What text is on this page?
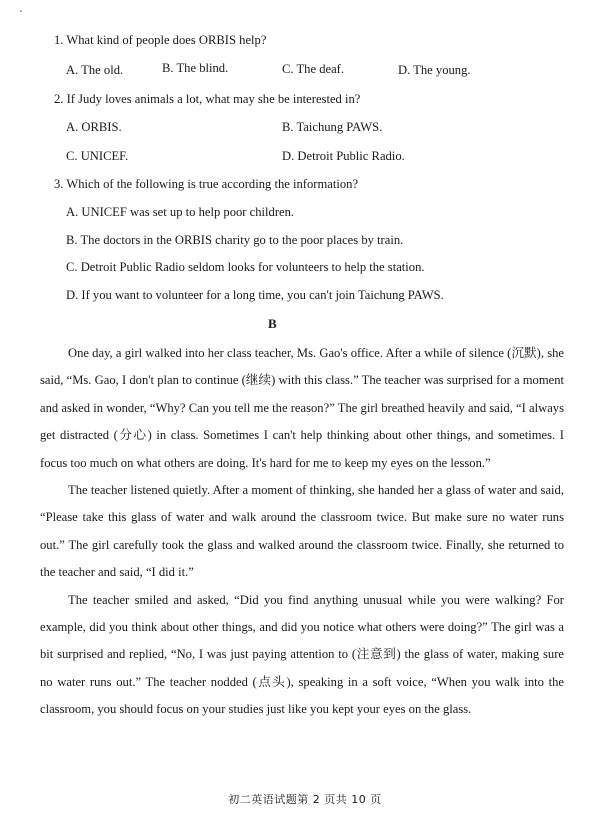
1. What kind of people does ORBIS help?
A. The old.	B. The blind.	C. The deaf.	D. The young.
2. If Judy loves animals a lot, what may she be interested in?
A. ORBIS.	B. Taichung PAWS.
C. UNICEF.	D. Detroit Public Radio.
3. Which of the following is true according the information?
A. UNICEF was set up to help poor children.
B. The doctors in the ORBIS charity go to the poor places by train.
C. Detroit Public Radio seldom looks for volunteers to help the station.
D. If you want to volunteer for a long time, you can't join Taichung PAWS.
B

One day, a girl walked into her class teacher, Ms. Gao's office. After a while of silence (沉默), she said, “Ms. Gao, I don't plan to continue (继续) with this class.” The teacher was surprised for a moment and asked in wonder, “Why? Can you tell me the reason?” The girl breathed heavily and said, “I always get distracted (分心) in class. Sometimes I can't help thinking about other things, and sometimes. I focus too much on what others are doing. It's hard for me to keep my eyes on the lesson.”

The teacher listened quietly. After a moment of thinking, she handed her a glass of water and said, “Please take this glass of water and walk around the classroom twice. But make sure no water runs out.” The girl carefully took the glass and walked around the classroom twice. Finally, she returned to the teacher and said, “I did it.”

The teacher smiled and asked, “Did you find anything unusual while you were walking? For example, did you think about other things, and did you notice what others were doing?” The girl was a bit surprised and replied, “No, I was just paying attention to (注意到) the glass of water, making sure no water runs out.” The teacher nodded (点头), speaking in a soft voice, “When you walk into the classroom, you should focus on your studies just like you kept your eyes on the glass.

初二英语试题第 2 页共 10 页
